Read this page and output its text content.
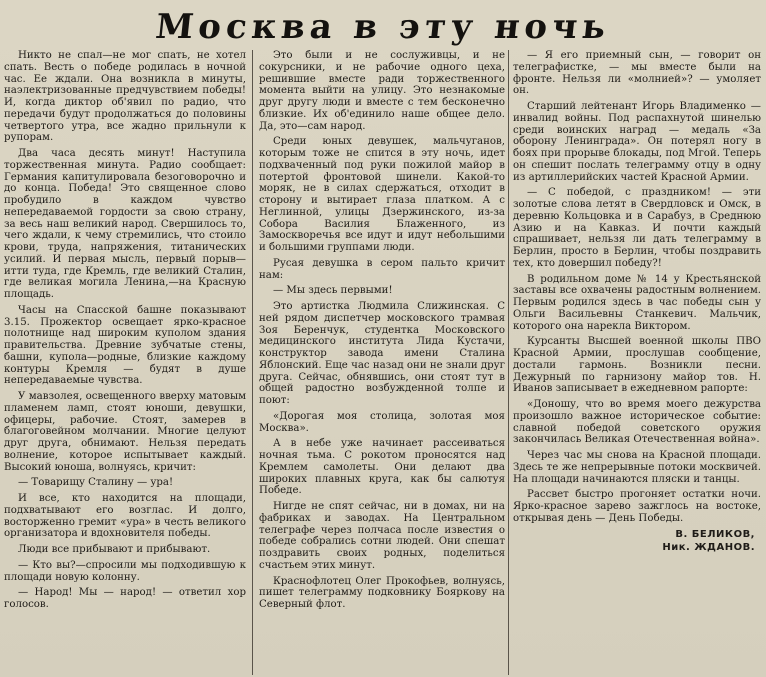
Москва в эту ночь

Никто не спал—не мог спать, не хотел спать. Весть о победе родилась в ночной час. Ее ждали. Она возникла в минуты, наэлектризованные предчувствием победы! И, когда диктор об'явил по радио, что передачи будут продолжаться до половины четвертого утра, все жадно прильнули к рупорам.

Два часа десять минут! Наступила торжественная минута. Радио сообщает: Германия капитулировала безоговорочно и до конца. Победа! Это священное слово пробудило в каждом чувство непередаваемой гордости за свою страну, за весь наш великий народ. Свершилось то, чего ждали, к чему стремились, что стоило крови, труда, напряжения, титанических усилий. И первая мысль, первый порыв—итти туда, где Кремль, где великий Сталин, где великая могила Ленина,—на Красную площадь.

Часы на Спасской башне показывают 3.15. Прожектор освещает ярко-красное полотнище над широким куполом здания правительства. Древние зубчатые стены, башни, купола—родные, близкие каждому контуры Кремля — будят в душе непередаваемые чувства.

У мавзолея, освещенного вверху матовым пламенем ламп, стоят юноши, девушки, офицеры, рабочие. Стоят, замерев в благоговейном молчании. Многие целуют друг друга, обнимают. Нельзя передать волнение, которое испытывает каждый. Высокий юноша, волнуясь, кричит:

— Товарищу Сталину — ура!

И все, кто находится на площади, подхватывают его возглас. И долго, восторженно гремит «ура» в честь великого организатора и вдохновителя победы.

Люди все прибывают и прибывают.

— Кто вы?—спросили мы подходившую к площади новую колонну.

— Народ! Мы — народ! — ответил хор голосов.

Это были и не сослуживцы, и не сокурсники, и не рабочие одного цеха, решившие вместе ради торжественного момента выйти на улицу. Это незнакомые друг другу люди и вместе с тем бесконечно близкие. Их об'единило наше общее дело. Да, это—сам народ.

Среди юных девушек, мальчуганов, которым тоже не спится в эту ночь, идет подхваченный под руки пожилой майор в потертой фронтовой шинели. Какой-то моряк, не в силах сдержаться, отходит в сторону и вытирает глаза платком. А с Неглинной, улицы Дзержинского, из-за Собора Василия Блаженного, из Замоскворечья все идут и идут небольшими и большими группами люди.

Русая девушка в сером пальто кричит нам:

— Мы здесь первыми!

Это артистка Людмила Слижинская. С ней рядом диспетчер московского трамвая Зоя Беренчук, студентка Московского медицинского института Лида Кустачи, конструктор завода имени Сталина Яблонский. Еще час назад они не знали друг друга. Сейчас, обнявшись, они стоят тут в общей радостно возбужденной толпе и поют:

«Дорогая моя столица, золотая моя Москва».

А в небе уже начинает рассеиваться ночная тьма. С рокотом проносятся над Кремлем самолеты. Они делают два широких плавных круга, как бы салютуя Победе.

Нигде не спят сейчас, ни в домах, ни на фабриках и заводах. На Центральном телеграфе через полчаса после известия о победе собрались сотни людей. Они спешат поздравить своих родных, поделиться счастьем этих минут.

Краснофлотец Олег Прокофьев, волнуясь, пишет телеграмму подковнику Бояркову на Северный флот.

— Я его приемный сын, — говорит он телеграфистке, — мы вместе были на фронте. Нельзя ли «молнией»? — умоляет он.

Старший лейтенант Игорь Владименко — инвалид войны. Под распахнутой шинелью среди воинских наград — медаль «За оборону Ленинграда». Он потерял ногу в боях при прорыве блокады, под Мгой. Теперь он спешит послать телеграмму отцу в одну из артиллерийских частей Красной Армии.

— С победой, с праздником! — эти золотые слова летят в Свердловск и Омск, в деревню Кольцовка и в Сарабуз, в Среднюю Азию и на Кавказ. И почти каждый спрашивает, нельзя ли дать телеграмму в Берлин, просто в Берлин, чтобы поздравить тех, кто довершил победу?!

В родильном доме № 14 у Крестьянской заставы все охвачены радостным волнением. Первым родился здесь в час победы сын у Ольги Васильевны Станкевич. Мальчик, которого она нарекла Виктором.

Курсанты Высшей военной школы ПВО Красной Армии, прослушав сообщение, достали гармонь. Возникли песни. Дежурный по гарнизону майор тов. Н. Иванов записывает в ежедневном рапорте:

«Доношу, что во время моего дежурства произошло важное историческое событие: славной победой советского оружия закончилась Великая Отечественная война».

Через час мы снова на Красной площади. Здесь те же непрерывные потоки москвичей. На площади начинаются пляски и танцы.

Рассвет быстро прогоняет остатки ночи. Ярко-красное зарево зажглось на востоке, открывая день — День Победы.

В. БЕЛИКОВ,

Ник. ЖДАНОВ.
